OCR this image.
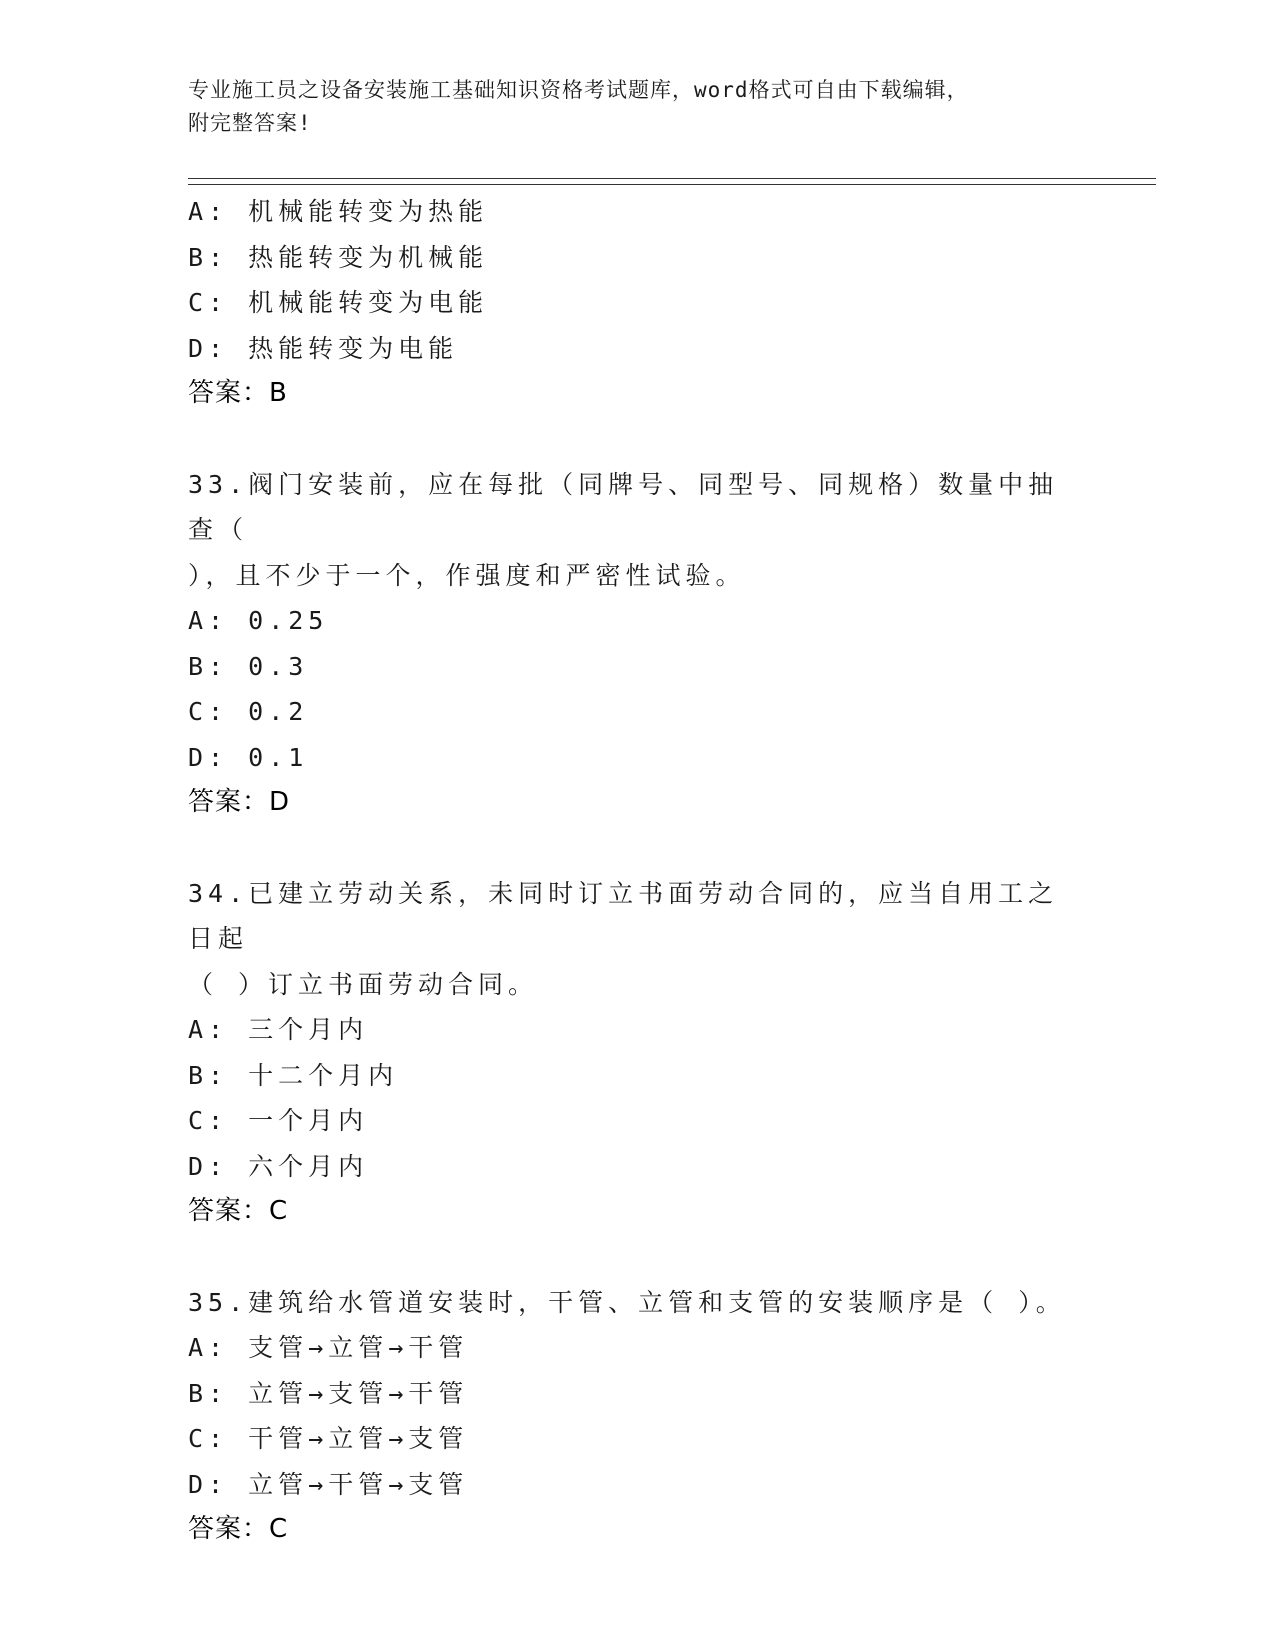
专业施工员之设备安装施工基础知识资格考试题库，word格式可自由下载编辑，
附完整答案!
A: 机械能转变为热能
B: 热能转变为机械能
C: 机械能转变为电能
D: 热能转变为电能
答案：B
33.阀门安装前，应在每批（同牌号、同型号、同规格）数量中抽查（
），且不少于一个，作强度和严密性试验。
A: 0.25
B: 0.3
C: 0.2
D: 0.1
答案：D
34.已建立劳动关系，未同时订立书面劳动合同的，应当自用工之日起
（ ）订立书面劳动合同。
A: 三个月内
B: 十二个月内
C: 一个月内
D: 六个月内
答案：C
35.建筑给水管道安装时，干管、立管和支管的安装顺序是（ ）。
A: 支管→立管→干管
B: 立管→支管→干管
C: 干管→立管→支管
D: 立管→干管→支管
答案：C
